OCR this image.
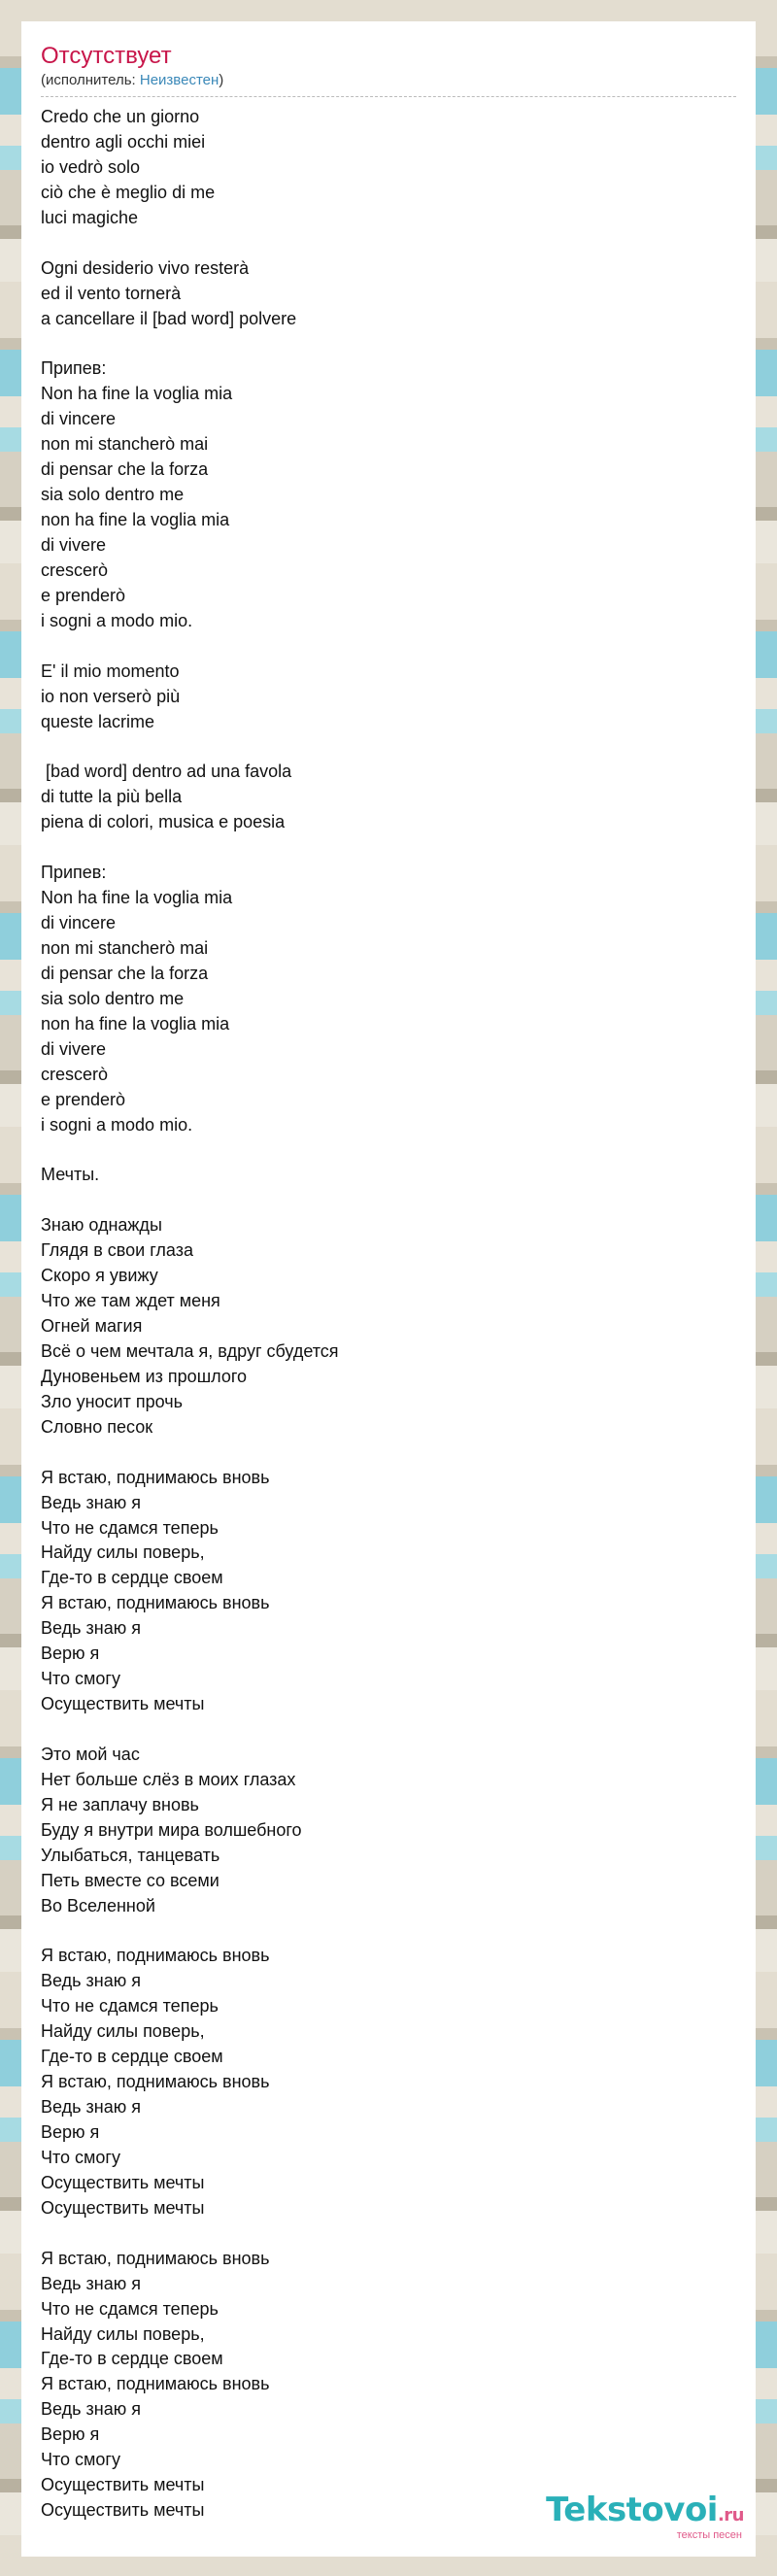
Отсутствует
(исполнитель: Неизвестен)
Credo che un giorno
dentro agli occhi miei
io vedrò solo
ciò che è meglio di me
luci magiche
Ogni desiderio vivo resterà
ed il vento tornerà
a cancellare il [bad word] polvere
Припев:
Non ha fine la voglia mia
di vincere
non mi stancherò mai
di pensar che la forza
sia solo dentro me
non ha fine la voglia mia
di vivere
crescerò
e prenderò
i sogni a modo mio.
E' il mio momento
io non verserò più
queste lacrime
[bad word] dentro ad una favola
di tutte la più bella
piena di colori, musica e poesia
Припев:
Non ha fine la voglia mia
di vincere
non mi stancherò mai
di pensar che la forza
sia solo dentro me
non ha fine la voglia mia
di vivere
crescerò
e prenderò
i sogni a modo mio.
Мечты.
Знаю однажды
Глядя в свои глаза
Скоро я увижу
Что же там ждет меня
Огней магия
Всё о чем мечтала я, вдруг сбудется
Дуновеньем из прошлого
Зло уносит прочь
Словно песок
Я встаю, поднимаюсь вновь
Ведь знаю я
Что не сдамся теперь
Найду силы поверь,
Где-то в сердце своем
Я встаю, поднимаюсь вновь
Ведь знаю я
Верю я
Что смогу
Осуществить мечты
Это мой час
Нет больше слёз в моих глазах
Я не заплачу вновь
Буду я внутри мира волшебного
Улыбаться, танцевать
Петь вместе со всеми
Во Вселенной
Я встаю, поднимаюсь вновь
Ведь знаю я
Что не сдамся теперь
Найду силы поверь,
Где-то в сердце своем
Я встаю, поднимаюсь вновь
Ведь знаю я
Верю я
Что смогу
Осуществить мечты
Осуществить мечты
Я встаю, поднимаюсь вновь
Ведь знаю я
Что не сдамся теперь
Найду силы поверь,
Где-то в сердце своем
Я встаю, поднимаюсь вновь
Ведь знаю я
Верю я
Что смогу
Осуществить мечты
Осуществить мечты	Tekstovoi.ru
тексты песен
